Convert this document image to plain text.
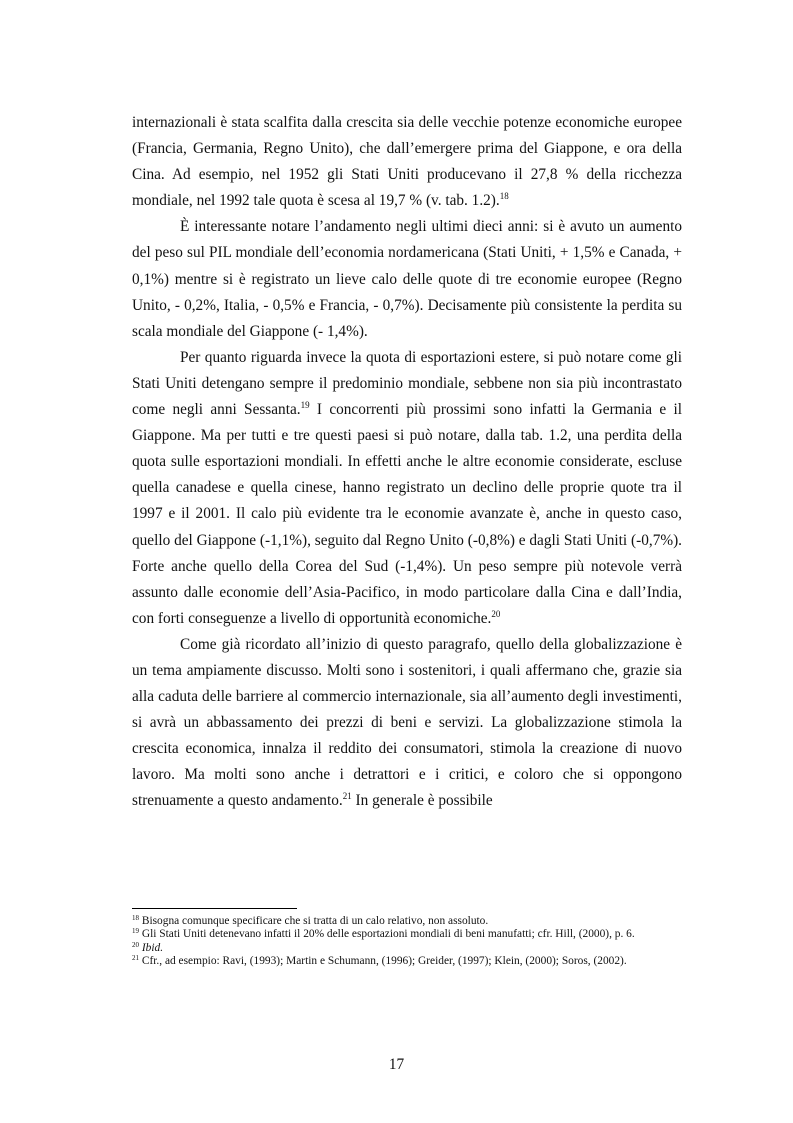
internazionali è stata scalfita dalla crescita sia delle vecchie potenze economiche europee (Francia, Germania, Regno Unito), che dall’emergere prima del Giappone, e ora della Cina. Ad esempio, nel 1952 gli Stati Uniti producevano il 27,8 % della ricchezza mondiale, nel 1992 tale quota è scesa al 19,7 % (v. tab. 1.2).$^{18}$

È interessante notare l’andamento negli ultimi dieci anni: si è avuto un aumento del peso sul PIL mondiale dell’economia nordamericana (Stati Uniti, + 1,5% e Canada, + 0,1%) mentre si è registrato un lieve calo delle quote di tre economie europee (Regno Unito, - 0,2%, Italia, - 0,5% e Francia, - 0,7%). Decisamente più consistente la perdita su scala mondiale del Giappone (- 1,4%).

Per quanto riguarda invece la quota di esportazioni estere, si può notare come gli Stati Uniti detengano sempre il predominio mondiale, sebbene non sia più incontrastato come negli anni Sessanta.$^{19}$ I concorrenti più prossimi sono infatti la Germania e il Giappone. Ma per tutti e tre questi paesi si può notare, dalla tab. 1.2, una perdita della quota sulle esportazioni mondiali. In effetti anche le altre economie considerate, escluse quella canadese e quella cinese, hanno registrato un declino delle proprie quote tra il 1997 e il 2001. Il calo più evidente tra le economie avanzate è, anche in questo caso, quello del Giappone (-1,1%), seguito dal Regno Unito (-0,8%) e dagli Stati Uniti (-0,7%). Forte anche quello della Corea del Sud (-1,4%). Un peso sempre più notevole verrà assunto dalle economie dell’Asia-Pacifico, in modo particolare dalla Cina e dall’India, con forti conseguenze a livello di opportunità economiche.$^{20}$

Come già ricordato all’inizio di questo paragrafo, quello della globalizzazione è un tema ampiamente discusso. Molti sono i sostenitori, i quali affermano che, grazie sia alla caduta delle barriere al commercio internazionale, sia all’aumento degli investimenti, si avrà un abbassamento dei prezzi di beni e servizi. La globalizzazione stimola la crescita economica, innalza il reddito dei consumatori, stimola la creazione di nuovo lavoro. Ma molti sono anche i detrattori e i critici, e coloro che si oppongono strenuamente a questo andamento.$^{21}$ In generale è possibile

$^{18}$ Bisogna comunque specificare che si tratta di un calo relativo, non assoluto.

$^{19}$ Gli Stati Uniti detenevano infatti il 20% delle esportazioni mondiali di beni manufatti; cfr. Hill, (2000), p. 6.

$^{20}$ Ibid.

$^{21}$ Cfr., ad esempio: Ravi, (1993); Martin e Schumann, (1996); Greider, (1997); Klein, (2000); Soros, (2002).

17
